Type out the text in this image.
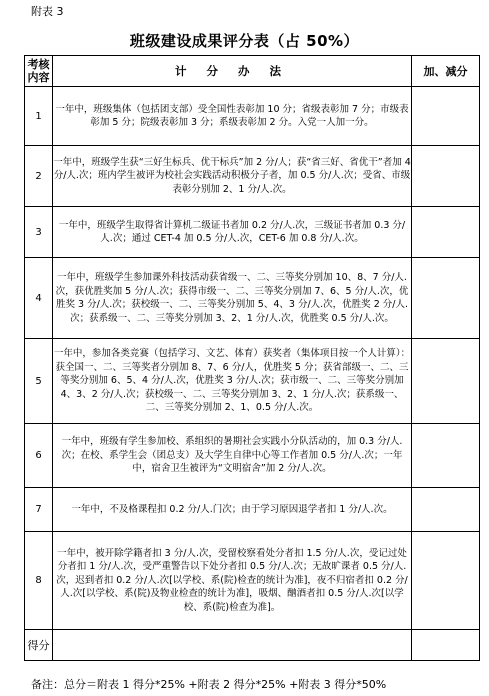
附表 3
班级建设成果评分表（占 50%）
考核内容	计 分 办 法	加、减分
1	一年中，班级集体（包括团支部）受全国性表彰加 10 分；省级表彰加 7 分；市级表彰加 5 分；院级表彰加 3 分；系级表彰加 2 分。入党一人加一分。	
2	一年中，班级学生获“三好生标兵、优干标兵”加 2 分/人；获“省三好、省优干”者加 4 分/人.次；班内学生被评为校社会实践活动积极分子者，加 0.5 分/人.次；受省、市级表彰分别加 2、1 分/人.次。	
3	一年中，班级学生取得省计算机二级证书者加 0.2 分/人.次，三级证书者加 0.3 分/人.次；通过 CET-4 加 0.5 分/人.次，CET-6 加 0.8 分/人.次。	
4	一年中，班级学生参加课外科技活动获省级一、二、三等奖分别加 10、8、7 分/人.次，获优胜奖加 5 分/人.次；获得市级一、二、三等奖分别加 7、6、5 分/人.次，优胜奖 3 分/人.次；获校级一、二、三等奖分别加 5、4、3 分/人.次，优胜奖 2 分/人.次；获系级一、二、三等奖分别加 3、2、1 分/人.次，优胜奖 0.5 分/人.次。	
5	一年中，参加各类竞赛（包括学习、文艺、体育）获奖者（集体项目按一个人计算）：获全国一、二、三等奖者分别加 8、7、6 分/人，优胜奖 5 分；获省部级一、二、三等奖分别加 6、5、4 分/人.次，优胜奖 3 分/人.次；获市级一、二、三等奖分别加 4、3、2 分/人.次；获校级一、二、三等奖分别加 3、2、1 分/人.次；获系级一、二、三等奖分别加 2、1、0.5 分/人.次。	
6	一年中，班级有学生参加校、系组织的暑期社会实践小分队活动的，加 0.3 分/人.次；在校、系学生会（团总支）及大学生自律中心等工作者加 0.5 分/人.次；一年中，宿舍卫生被评为“文明宿舍”加 2 分/人.次。	
7	一年中，不及格课程扣 0.2 分/人.门次；由于学习原因退学者扣 1 分/人.次。	
8	一年中，被开除学籍者扣 3 分/人.次，受留校察看处分者扣 1.5 分/人.次，受记过处分者扣 1 分/人.次，受严重警告以下处分者扣 0.5 分/人.次；无故旷课者 0.5 分/人.次，迟到者扣 0.2 分/人.次[以学校、系(院)检查的统计为准]，夜不归宿者扣 0.2 分/人.次[以学校、系(院)及物业检查的统计为准]，吸烟、酗酒者扣 0.5 分/人.次[以学校、系(院)检查为准]。	
得分		
备注：总分＝附表 1 得分*25% +附表 2 得分*25% +附表 3 得分*50%
